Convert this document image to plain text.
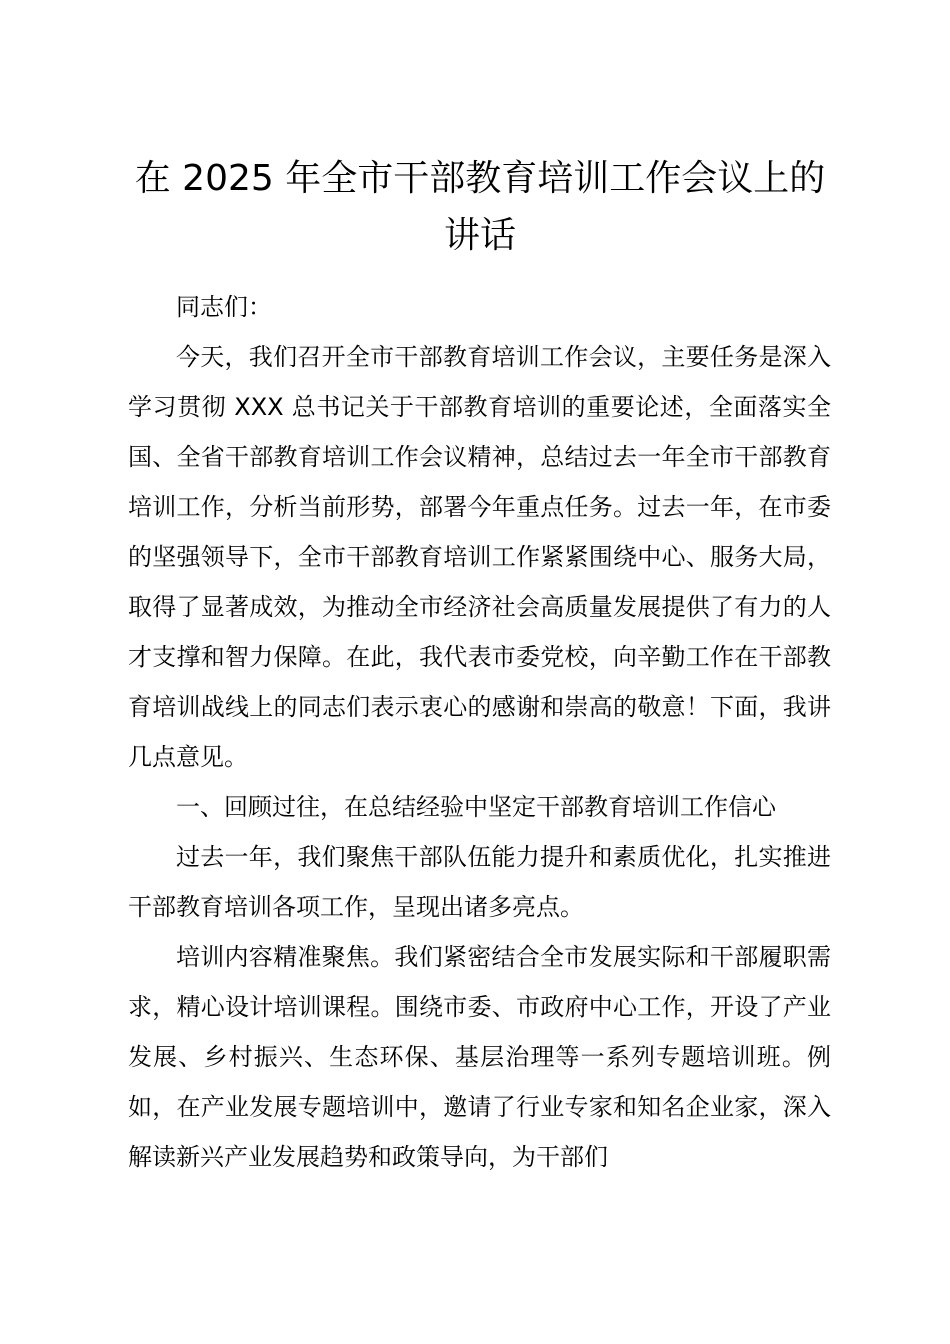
在 2025 年全市干部教育培训工作会议上的讲话

同志们：

今天，我们召开全市干部教育培训工作会议，主要任务是深入学习贯彻 XXX 总书记关于干部教育培训的重要论述，全面落实全国、全省干部教育培训工作会议精神，总结过去一年全市干部教育培训工作，分析当前形势，部署今年重点任务。过去一年，在市委的坚强领导下，全市干部教育培训工作紧紧围绕中心、服务大局，取得了显著成效，为推动全市经济社会高质量发展提供了有力的人才支撑和智力保障。在此，我代表市委党校，向辛勤工作在干部教育培训战线上的同志们表示衷心的感谢和崇高的敬意！下面，我讲几点意见。

一、回顾过往，在总结经验中坚定干部教育培训工作信心

过去一年，我们聚焦干部队伍能力提升和素质优化，扎实推进干部教育培训各项工作，呈现出诸多亮点。

培训内容精准聚焦。我们紧密结合全市发展实际和干部履职需求，精心设计培训课程。围绕市委、市政府中心工作，开设了产业发展、乡村振兴、生态环保、基层治理等一系列专题培训班。例如，在产业发展专题培训中，邀请了行业专家和知名企业家，深入解读新兴产业发展趋势和政策导向，为干部们
